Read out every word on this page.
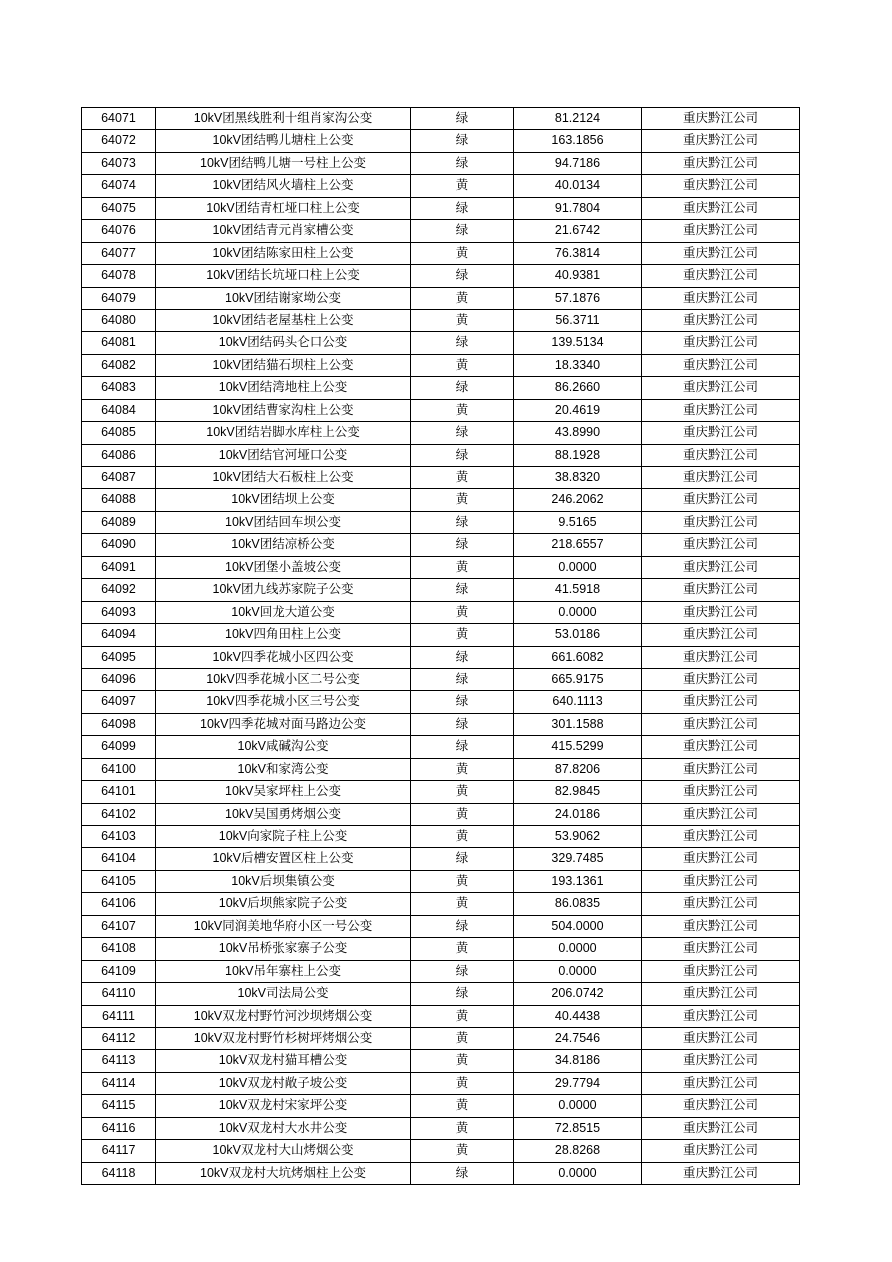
64071	10kV团黑线胜利十组肖家沟公变	绿	81.2124	重庆黔江公司
64072	10kV团结鸭儿塘柱上公变	绿	163.1856	重庆黔江公司
64073	10kV团结鸭儿塘一号柱上公变	绿	94.7186	重庆黔江公司
64074	10kV团结风火墙柱上公变	黄	40.0134	重庆黔江公司
64075	10kV团结青杠垭口柱上公变	绿	91.7804	重庆黔江公司
64076	10kV团结青元肖家槽公变	绿	21.6742	重庆黔江公司
64077	10kV团结陈家田柱上公变	黄	76.3814	重庆黔江公司
64078	10kV团结长坑垭口柱上公变	绿	40.9381	重庆黔江公司
64079	10kV团结谢家坳公变	黄	57.1876	重庆黔江公司
64080	10kV团结老屋基柱上公变	黄	56.3711	重庆黔江公司
64081	10kV团结码头仑口公变	绿	139.5134	重庆黔江公司
64082	10kV团结猫石坝柱上公变	黄	18.3340	重庆黔江公司
64083	10kV团结湾地柱上公变	绿	86.2660	重庆黔江公司
64084	10kV团结曹家沟柱上公变	黄	20.4619	重庆黔江公司
64085	10kV团结岩脚水库柱上公变	绿	43.8990	重庆黔江公司
64086	10kV团结官河垭口公变	绿	88.1928	重庆黔江公司
64087	10kV团结大石板柱上公变	黄	38.8320	重庆黔江公司
64088	10kV团结坝上公变	黄	246.2062	重庆黔江公司
64089	10kV团结回车坝公变	绿	9.5165	重庆黔江公司
64090	10kV团结凉桥公变	绿	218.6557	重庆黔江公司
64091	10kV团堡小盖坡公变	黄	0.0000	重庆黔江公司
64092	10kV团九线苏家院子公变	绿	41.5918	重庆黔江公司
64093	10kV回龙大道公变	黄	0.0000	重庆黔江公司
64094	10kV四角田柱上公变	黄	53.0186	重庆黔江公司
64095	10kV四季花城小区四公变	绿	661.6082	重庆黔江公司
64096	10kV四季花城小区二号公变	绿	665.9175	重庆黔江公司
64097	10kV四季花城小区三号公变	绿	640.1113	重庆黔江公司
64098	10kV四季花城对面马路边公变	绿	301.1588	重庆黔江公司
64099	10kV咸碱沟公变	绿	415.5299	重庆黔江公司
64100	10kV和家湾公变	黄	87.8206	重庆黔江公司
64101	10kV吴家坪柱上公变	黄	82.9845	重庆黔江公司
64102	10kV吴国勇烤烟公变	黄	24.0186	重庆黔江公司
64103	10kV向家院子柱上公变	黄	53.9062	重庆黔江公司
64104	10kV后槽安置区柱上公变	绿	329.7485	重庆黔江公司
64105	10kV后坝集镇公变	黄	193.1361	重庆黔江公司
64106	10kV后坝熊家院子公变	黄	86.0835	重庆黔江公司
64107	10kV同润美地华府小区一号公变	绿	504.0000	重庆黔江公司
64108	10kV吊桥张家寨子公变	黄	0.0000	重庆黔江公司
64109	10kV吊年寨柱上公变	绿	0.0000	重庆黔江公司
64110	10kV司法局公变	绿	206.0742	重庆黔江公司
64111	10kV双龙村野竹河沙坝烤烟公变	黄	40.4438	重庆黔江公司
64112	10kV双龙村野竹杉树坪烤烟公变	黄	24.7546	重庆黔江公司
64113	10kV双龙村猫耳槽公变	黄	34.8186	重庆黔江公司
64114	10kV双龙村敞子坡公变	黄	29.7794	重庆黔江公司
64115	10kV双龙村宋家坪公变	黄	0.0000	重庆黔江公司
64116	10kV双龙村大水井公变	黄	72.8515	重庆黔江公司
64117	10kV双龙村大山烤烟公变	黄	28.8268	重庆黔江公司
64118	10kV双龙村大坑烤烟柱上公变	绿	0.0000	重庆黔江公司
